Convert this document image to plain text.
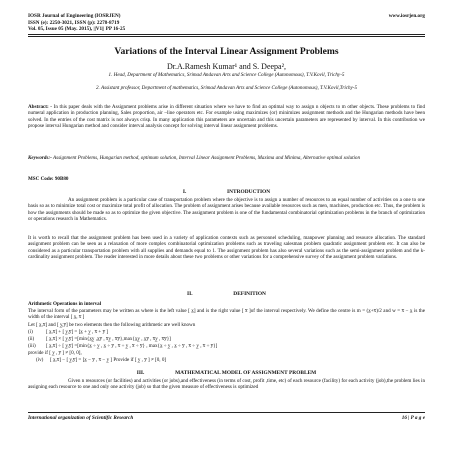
IOSR Journal of Engineering (IOSRJEN)	www.iosrjen.org
ISSN (e): 2250-3021, ISSN (p): 2278-8719
Vol. 05, Issue 05 (May. 2015), ||V1|| PP 16-25
Variations of the Interval Linear Assignment Problems
Dr.A.Ramesh Kumar¹ and S. Deepa²,
1. Head, Department of Mathematics, Srimad Andavan Arts and Science College (Autonomous), T.V.Kovil, Trichy-5
2. Assistant professor, Department of mathematics, Srimad Andavan Arts and Science College (Autonomous), T.V.Kovil,Trichy-5
Abstract: - In this paper deals with the Assignment problems arise in different situation where we have to find an optimal way to assign n objects to m other objects. These problems to find numeral application in production planning, Sales proportion, air –line operators etc. For example using maximizes (or) minimizes assignment methods and the Hungarian methods have been solved. In the entries of the cost matrix is not always crisp. In many application this parameters are uncertain and this uncertain parameters are represented by interval. In this contribution we propose interval Hungarian method and consider interval analysis concept for solving interval linear assignment problems.
Keywords:- Assignment Problems, Hungarian method, optimum solution, Interval Linear Assignment Problems, Maxima and Minima, Alternative optimal solution
MSC Code: 90B80
I.	INTRODUCTION
An assignment problem is a particular case of transportation problem where the objective is to assign a number of resources to an equal number of activities on a one to one basis so as to minimize total cost or maximize total profit of allocation. The problem of assignment arises because available resources such as men, machines, production etc. Thus, the problem is how the assignments should be made so as to optimize the given objective. The assignment problem is one of the fundamental combinatorial optimization problems in the branch of optimization or operations research in Mathematics.
It is worth to recall that the assignment problem has been used in a variety of application contexts such as personnel scheduling, manpower planning and resource allocation. The standard assignment problem can be seen as a relaxation of more complex combinatorial optimization problems such as traveling salesman problem quadratic assignment problem etc. It can also be considered as a particular transportation problem with all supplies and demands equal to 1. The assignment problem has also several variations such as the semi-assignment problem and the k-cardinality assignment problem. The reader interested in more details about these two problems or other variations for a comprehensive survey of the assignment problem variations.
II.	DEFINITION
Arithmetic Operations in interval
The interval form of the parameters may be written as where is the left value [ x̲] and is the right value [ x̅ ]of the interval respectively. We define the centre is m = (x̲+x̅)/2 and w = x̅ − x̲ is the width of the interval [ x̲, x̅ ]
Let [ x̲,x̅] and [ y̲,y̅] be two elements then the following arithmetic are well known
(i)	[ x̲,x̅] + [ y̲,y̅] = [x̲ + y̲ , x̅ + y̅ ]
(ii) [ x̲,x̅] × [ y̲,y̅] =[min{x̲y̲ ,x̲y̅ , x̅y̲ , x̅y̅},max{x̲y̲ , x̲y̅ , x̅y̲ , x̅y̅}]
(iii) [ x̲,x̅] ÷ [ y̲,y̅] =[min{x̲ ÷ y̲ , x̲ ÷ y̅ , x̅ ÷ y̲ , x̅ ÷ y̅} , max{x̲ ÷ y̲ , x̲ ÷ y̅ , x̅ ÷ y̲ , x̅ ÷ y̅}]
provide if [ y̲ , y̅ ] ≠ [0, 0],
(iv) [ x̲,x̅] − [ y̲,y̅] = [x̲ − y̅ , x̅ − y̲ ] Provide if [ y̲ , y̅ ] ≠ [0, 0]
III.	MATHEMATICAL MODEL OF ASSIGNMENT PROBLEM
Given n resources (or facilities) and activities (or jobs),and effectiveness (in terms of cost, profit ,time, etc) of each resource (facility) for each activity (job),the problem lies in assigning each resource to one and only one activity (job) so that the given measure of effectiveness is optimized
International organization of Scientific Research	16 | P a g e
